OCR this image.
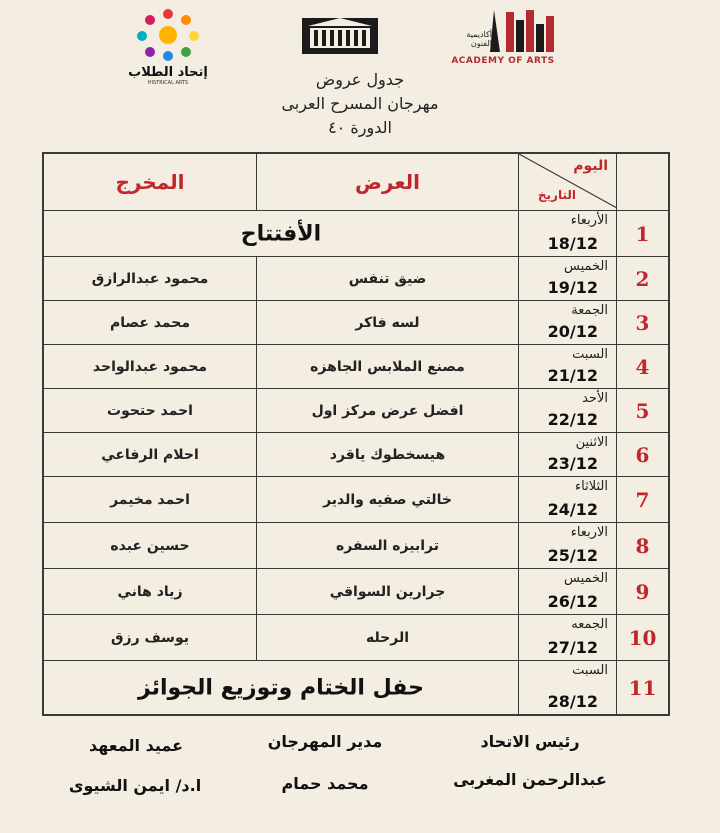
إتحاد الطلاب
HISTRICAL ARTS
أكاديمية الفنون
ACADEMY OF ARTS
جدول عروض
مهرجان المسرح العربى
الدورة ٤٠
اليوم
التاريخ
العرض
المخرج
1
الأربعاء
18/12
الأفتتاح
2
الخميس
19/12
ضيق تنفس
محمود عبدالرازق
3
الجمعة
20/12
لسه فاكر
محمد عصام
4
السبت
21/12
مصنع الملابس الجاهزه
محمود عبدالواحد
5
الأحد
22/12
افضل عرض مركز اول
احمد حتحوت
6
الاثنين
23/12
هيسخطوك ياقرد
احلام الرفاعي
7
الثلاثاء
24/12
خالتي صفيه والدير
احمد مخيمر
8
الاربعاء
25/12
ترابيزه السفره
حسين عبده
9
الخميس
26/12
جرارين السواقي
زياد هاني
10
الجمعه
27/12
الرحله
يوسف رزق
11
السبت
28/12
حفل الختام وتوزيع الجوائز
رئيس الاتحاد
عبدالرحمن المغربى
مدير المهرجان
محمد حمام
عميد المعهد
ا.د/ ايمن الشيوى
